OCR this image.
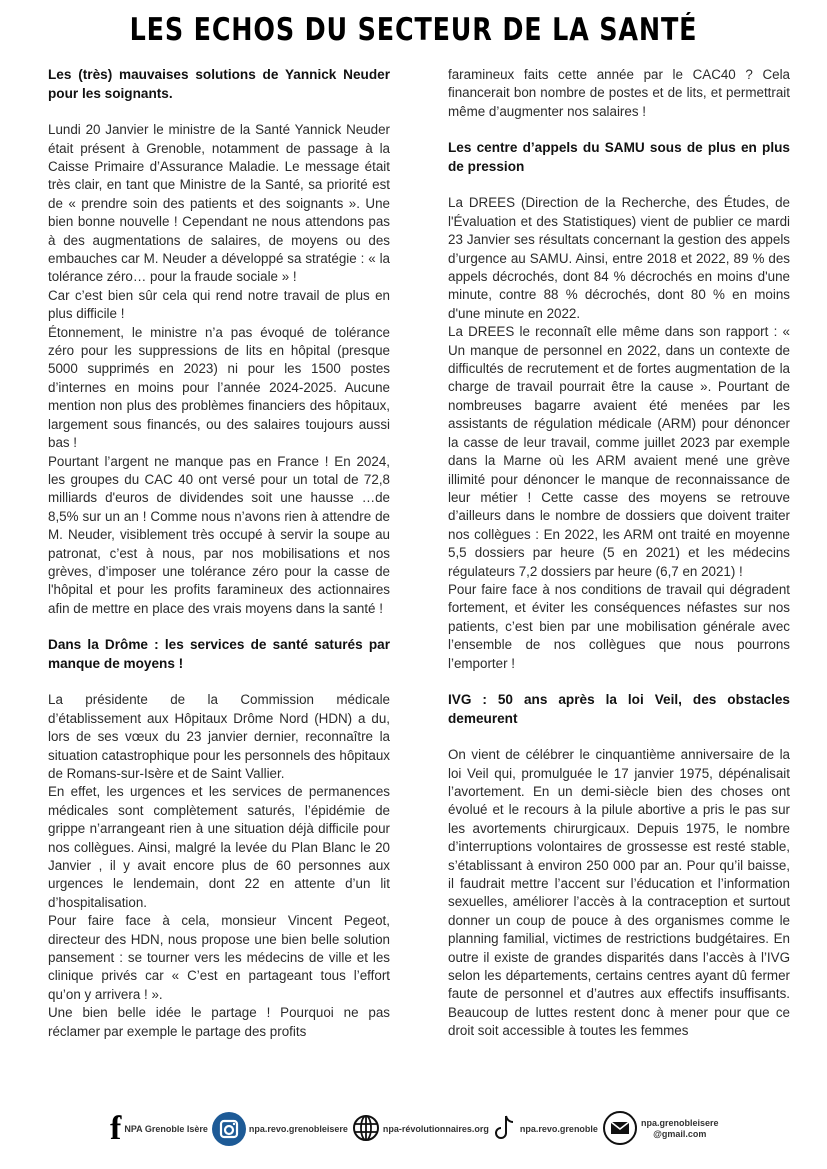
LES ECHOS DU SECTEUR DE LA SANTÉ
Les (très) mauvaises solutions de Yannick Neuder pour les soignants.

Lundi 20 Janvier le ministre de la Santé Yannick Neuder était présent à Grenoble, notamment de passage à la Caisse Primaire d’Assurance Maladie. Le message était très clair, en tant que Ministre de la Santé, sa priorité est de « prendre soin des patients et des soignants ». Une bien bonne nouvelle ! Cependant ne nous attendons pas à des augmentations de salaires, de moyens ou des embauches car M. Neuder a développé sa stratégie : « la tolérance zéro… pour la fraude sociale » !

Car c’est bien sûr cela qui rend notre travail de plus en plus difficile !

Étonnement, le ministre n’a pas évoqué de tolérance zéro pour les suppressions de lits en hôpital (presque 5000 supprimés en 2023) ni pour les 1500 postes d’internes en moins pour l’année 2024-2025. Aucune mention non plus des problèmes financiers des hôpitaux, largement sous financés, ou des salaires toujours aussi bas !

Pourtant l’argent ne manque pas en France ! En 2024, les groupes du CAC 40 ont versé pour un total de 72,8 milliards d'euros de dividendes soit une hausse …de 8,5% sur un an ! Comme nous n’avons rien à attendre de M. Neuder, visiblement très occupé à servir la soupe au patronat, c’est à nous, par nos mobilisations et nos grèves, d’imposer une tolérance zéro pour la casse de l'hôpital et pour les profits faramineux des actionnaires afin de mettre en place des vrais moyens dans la santé !

Dans la Drôme : les services de santé saturés par manque de moyens !

La présidente de la Commission médicale d’établissement aux Hôpitaux Drôme Nord (HDN) a du, lors de ses vœux du 23 janvier dernier, reconnaître la situation catastrophique pour les personnels des hôpitaux de Romans-sur-Isère et de Saint Vallier.

En effet, les urgences et les services de permanences médicales sont complètement saturés, l’épidémie de grippe n’arrangeant rien à une situation déjà difficile pour nos collègues. Ainsi, malgré la levée du Plan Blanc le 20 Janvier , il y avait encore plus de 60 personnes aux urgences le lendemain, dont 22 en attente d’un lit d’hospitalisation.

Pour faire face à cela, monsieur Vincent Pegeot, directeur des HDN, nous propose une bien belle solution pansement : se tourner vers les médecins de ville et les clinique privés car « C’est en partageant tous l’effort qu’on y arrivera ! ».

Une bien belle idée le partage ! Pourquoi ne pas réclamer par exemple le partage des profits

faramineux faits cette année par le CAC40 ? Cela financerait bon nombre de postes et de lits, et permettrait même d’augmenter nos salaires !

Les centre d’appels du SAMU sous de plus en plus de pression

La DREES (Direction de la Recherche, des Études, de l'Évaluation et des Statistiques) vient de publier ce mardi 23 Janvier ses résultats concernant la gestion des appels d’urgence au SAMU. Ainsi, entre 2018 et 2022, 89 % des appels décrochés, dont 84 % décrochés en moins d'une minute, contre 88 % décrochés, dont 80 % en moins d'une minute en 2022.

La DREES le reconnaît elle même dans son rapport : « Un manque de personnel en 2022, dans un contexte de difficultés de recrutement et de fortes augmentation de la charge de travail pourrait être la cause ». Pourtant de nombreuses bagarre avaient été menées par les assistants de régulation médicale (ARM) pour dénoncer la casse de leur travail, comme juillet 2023 par exemple dans la Marne où les ARM avaient mené une grève illimité pour dénoncer le manque de reconnaissance de leur métier ! Cette casse des moyens se retrouve d’ailleurs dans le nombre de dossiers que doivent traiter nos collègues : En 2022, les ARM ont traité en moyenne 5,5 dossiers par heure (5 en 2021) et les médecins régulateurs 7,2 dossiers par heure (6,7 en 2021) !

Pour faire face à nos conditions de travail qui dégradent fortement, et éviter les conséquences néfastes sur nos patients, c’est bien par une mobilisation générale avec l’ensemble de nos collègues que nous pourrons l’emporter !

IVG : 50 ans après la loi Veil, des obstacles demeurent

On vient de célébrer le cinquantième anniversaire de la loi Veil qui, promulguée le 17 janvier 1975, dépénalisait l’avortement. En un demi-siècle bien des choses ont évolué et le recours à la pilule abortive a pris le pas sur les avortements chirurgicaux. Depuis 1975, le nombre d’interruptions volontaires de grossesse est resté stable, s’établissant à environ 250 000 par an. Pour qu’il baisse, il faudrait mettre l’accent sur l’éducation et l’information sexuelles, améliorer l’accès à la contraception et surtout donner un coup de pouce à des organismes comme le planning familial, victimes de restrictions budgétaires. En outre il existe de grandes disparités dans l’accès à l’IVG selon les départements, certains centres ayant dû fermer faute de personnel et d’autres aux effectifs insuffisants. Beaucoup de luttes restent donc à mener pour que ce droit soit accessible à toutes les femmes

f NPA Grenoble Isère	npa.revo.grenobleisere	npa-révolutionnaires.org	npa.revo.grenoble
npa.grenobleisere
@gmail.com
